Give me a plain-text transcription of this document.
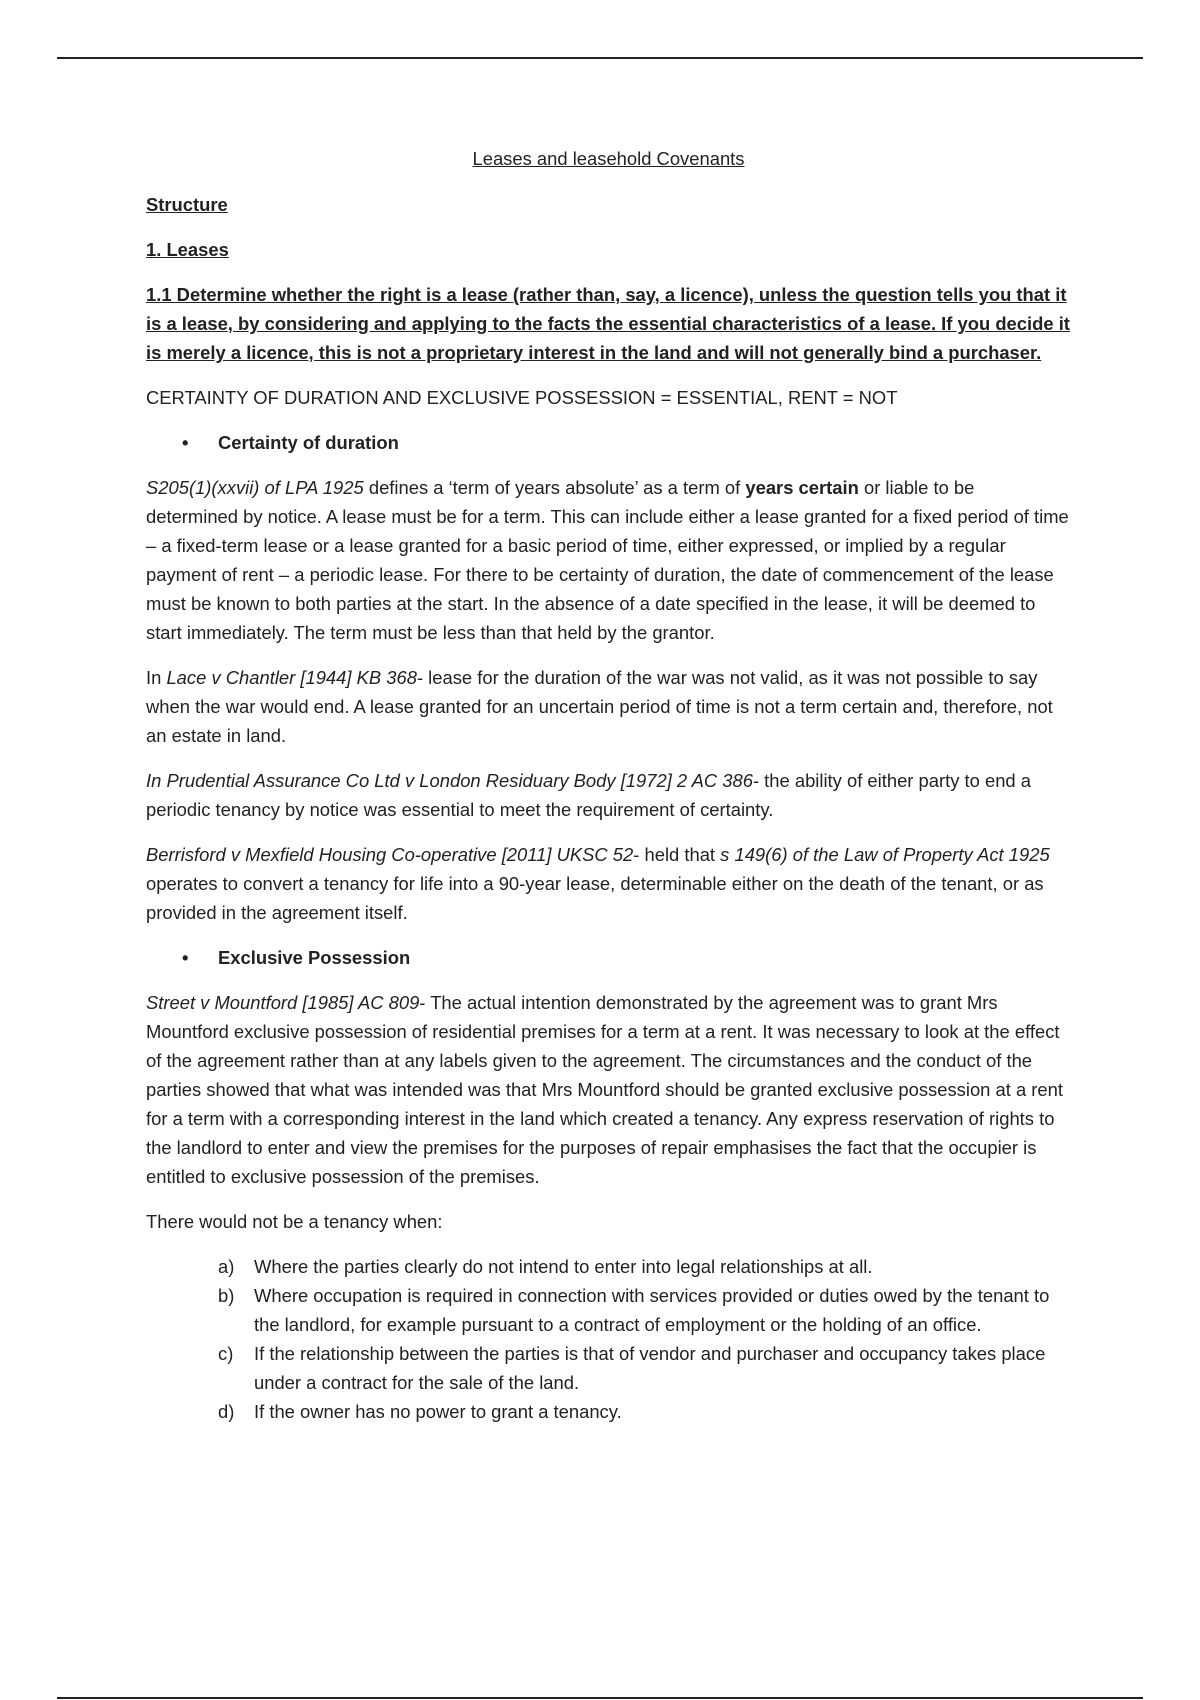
Leases and leasehold Covenants
Structure
1. Leases
1.1 Determine whether the right is a lease (rather than, say, a licence), unless the question tells you that it is a lease, by considering and applying to the facts the essential characteristics of a lease. If you decide it is merely a licence, this is not a proprietary interest in the land and will not generally bind a purchaser.
CERTAINTY OF DURATION AND EXCLUSIVE POSSESSION = ESSENTIAL, RENT = NOT
• Certainty of duration
S205(1)(xxvii) of LPA 1925 defines a ‘term of years absolute’ as a term of years certain or liable to be determined by notice. A lease must be for a term. This can include either a lease granted for a fixed period of time – a fixed-term lease or a lease granted for a basic period of time, either expressed, or implied by a regular payment of rent – a periodic lease. For there to be certainty of duration, the date of commencement of the lease must be known to both parties at the start. In the absence of a date specified in the lease, it will be deemed to start immediately. The term must be less than that held by the grantor.
In Lace v Chantler [1944] KB 368- lease for the duration of the war was not valid, as it was not possible to say when the war would end. A lease granted for an uncertain period of time is not a term certain and, therefore, not an estate in land.
In Prudential Assurance Co Ltd v London Residuary Body [1972] 2 AC 386- the ability of either party to end a periodic tenancy by notice was essential to meet the requirement of certainty.
Berrisford v Mexfield Housing Co-operative [2011] UKSC 52- held that s 149(6) of the Law of Property Act 1925 operates to convert a tenancy for life into a 90-year lease, determinable either on the death of the tenant, or as provided in the agreement itself.
• Exclusive Possession
Street v Mountford [1985] AC 809- The actual intention demonstrated by the agreement was to grant Mrs Mountford exclusive possession of residential premises for a term at a rent. It was necessary to look at the effect of the agreement rather than at any labels given to the agreement. The circumstances and the conduct of the parties showed that what was intended was that Mrs Mountford should be granted exclusive possession at a rent for a term with a corresponding interest in the land which created a tenancy. Any express reservation of rights to the landlord to enter and view the premises for the purposes of repair emphasises the fact that the occupier is entitled to exclusive possession of the premises.
There would not be a tenancy when:
a) Where the parties clearly do not intend to enter into legal relationships at all.
b) Where occupation is required in connection with services provided or duties owed by the tenant to the landlord, for example pursuant to a contract of employment or the holding of an office.
c) If the relationship between the parties is that of vendor and purchaser and occupancy takes place under a contract for the sale of the land.
d) If the owner has no power to grant a tenancy.
